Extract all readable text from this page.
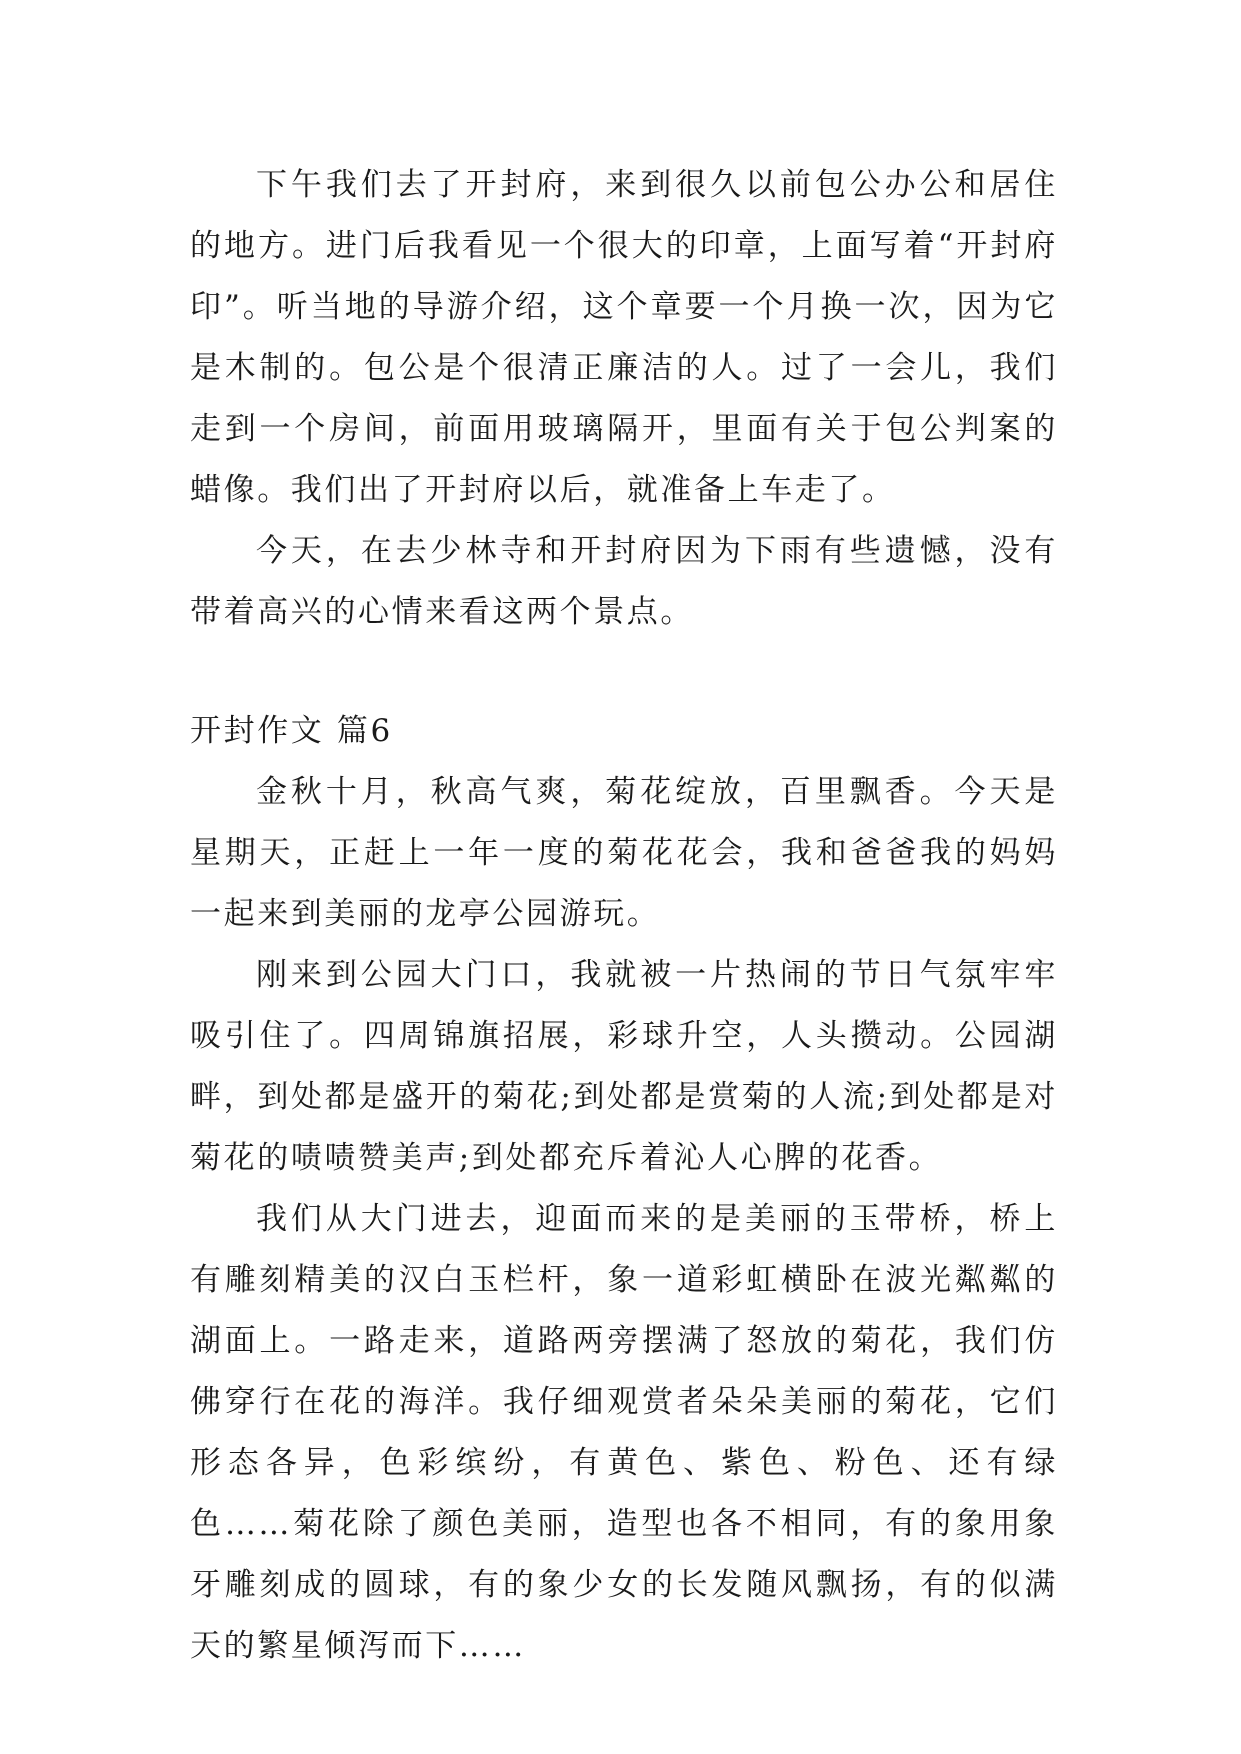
下午我们去了开封府，来到很久以前包公办公和居住的地方。进门后我看见一个很大的印章，上面写着“开封府印”。听当地的导游介绍，这个章要一个月换一次，因为它是木制的。包公是个很清正廉洁的人。过了一会儿，我们走到一个房间，前面用玻璃隔开，里面有关于包公判案的蜡像。我们出了开封府以后，就准备上车走了。

今天，在去少林寺和开封府因为下雨有些遗憾，没有带着高兴的心情来看这两个景点。

开封作文 篇6

金秋十月，秋高气爽，菊花绽放，百里飘香。今天是星期天，正赶上一年一度的菊花花会，我和爸爸我的妈妈一起来到美丽的龙亭公园游玩。

刚来到公园大门口，我就被一片热闹的节日气氛牢牢吸引住了。四周锦旗招展，彩球升空，人头攒动。公园湖畔，到处都是盛开的菊花;到处都是赏菊的人流;到处都是对菊花的啧啧赞美声;到处都充斥着沁人心脾的花香。

我们从大门进去，迎面而来的是美丽的玉带桥，桥上有雕刻精美的汉白玉栏杆，象一道彩虹横卧在波光粼粼的湖面上。一路走来，道路两旁摆满了怒放的菊花，我们仿佛穿行在花的海洋。我仔细观赏者朵朵美丽的菊花，它们形态各异，色彩缤纷，有黄色、紫色、粉色、还有绿色……菊花除了颜色美丽，造型也各不相同，有的象用象牙雕刻成的圆球，有的象少女的长发随风飘扬，有的似满天的繁星倾泻而下……
